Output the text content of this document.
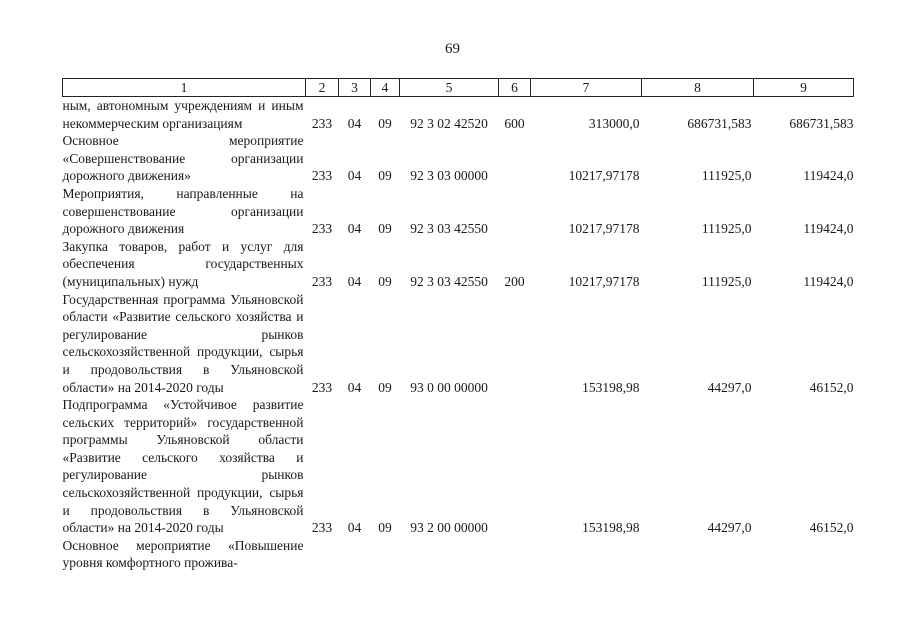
69
1	2	3	4	5	6	7	8	9
ным, автономным учреждениям и иным некоммерческим организациям	233	04	09	92 3 02 42520	600	313000,0	686731,583	686731,583
Основное мероприятие «Совершенствование организации дорожного движения»	233	04	09	92 3 03 00000		10217,97178	111925,0	119424,0
Мероприятия, направленные на совершенствование организации дорожного движения	233	04	09	92 3 03 42550		10217,97178	111925,0	119424,0
Закупка товаров, работ и услуг для обеспечения государственных (муниципальных) нужд	233	04	09	92 3 03 42550	200	10217,97178	111925,0	119424,0
Государственная программа Ульяновской области «Развитие сельского хозяйства и регулирование рынков сельскохозяйственной продукции, сырья и продовольствия в Ульяновской области» на 2014-2020 годы	233	04	09	93 0 00 00000		153198,98	44297,0	46152,0
Подпрограмма «Устойчивое развитие сельских территорий» государственной программы Ульяновской области «Развитие сельского хозяйства и регулирование рынков сельскохозяйственной продукции, сырья и продовольствия в Ульяновской области» на 2014-2020 годы	233	04	09	93 2 00 00000		153198,98	44297,0	46152,0
Основное мероприятие «Повышение уровня комфортного прожива-								
